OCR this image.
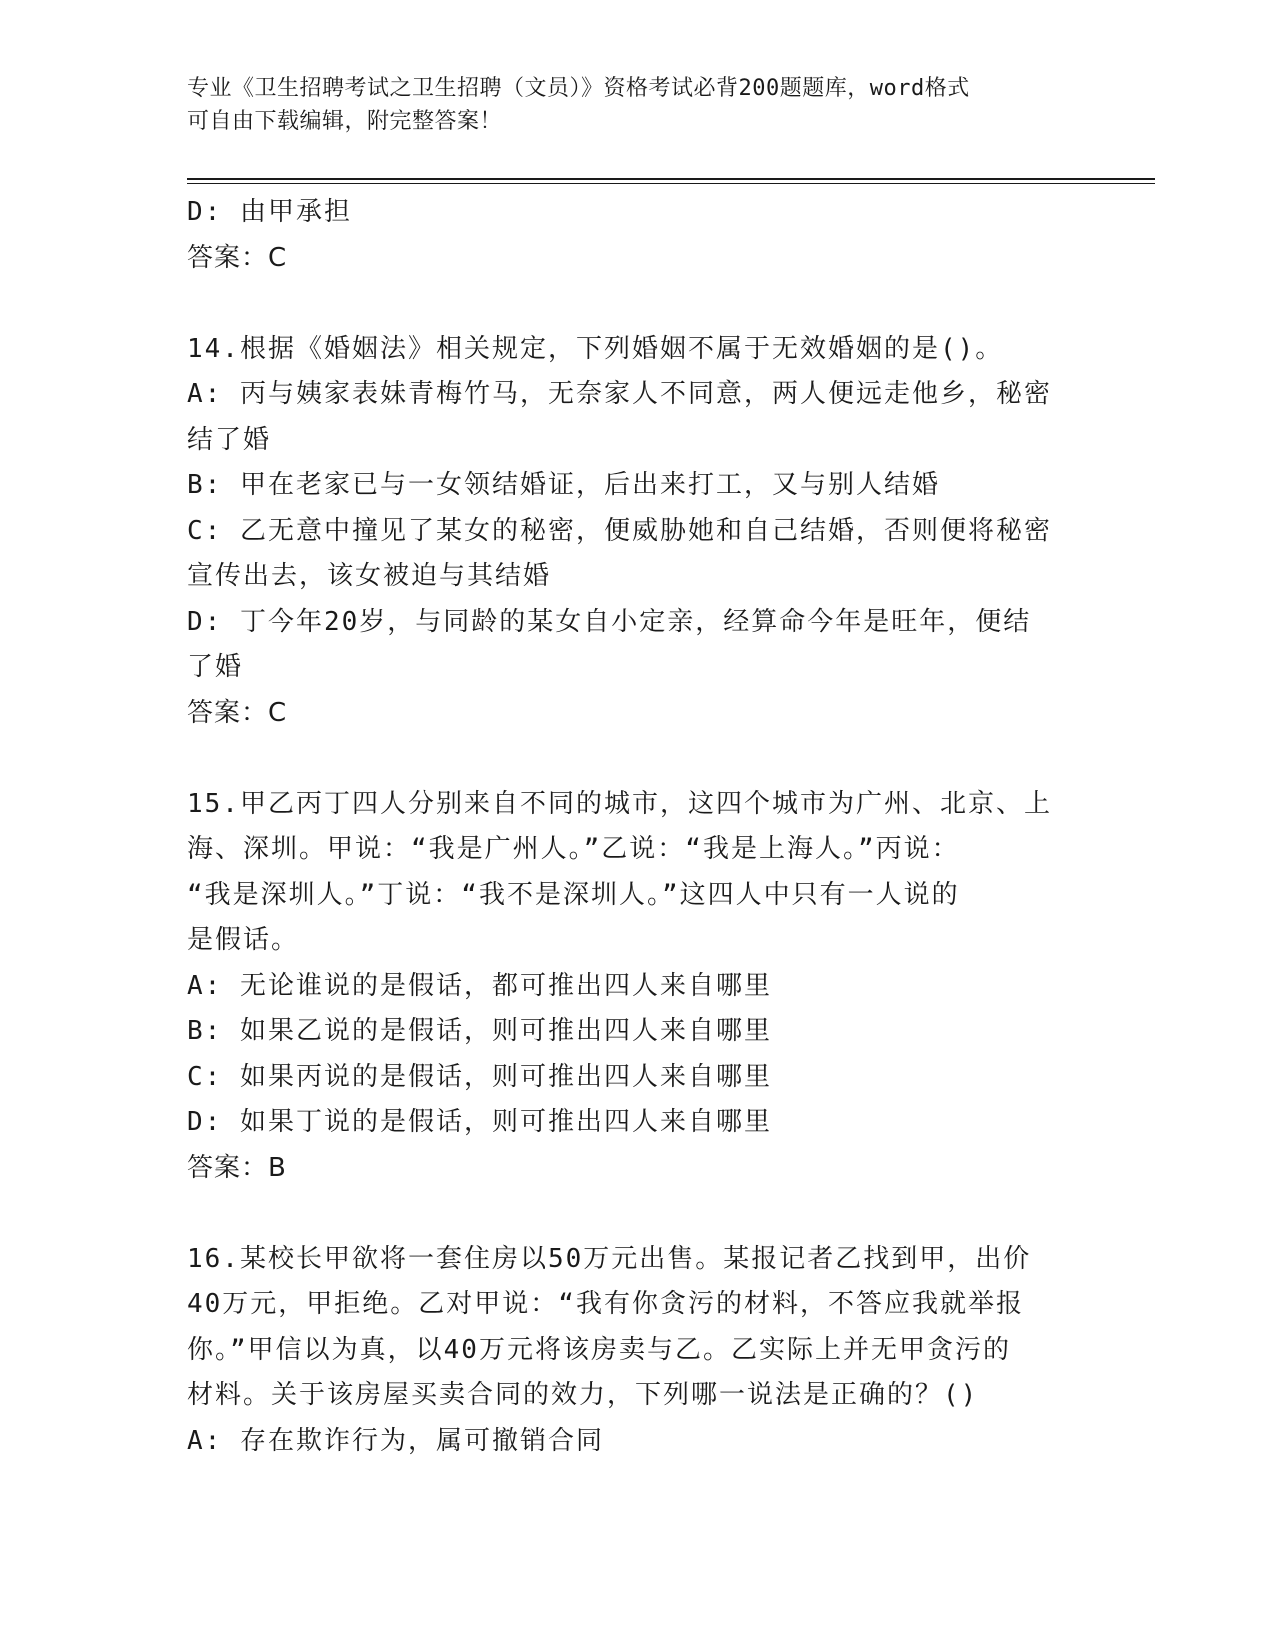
专业《卫生招聘考试之卫生招聘（文员）》资格考试必背200题题库，word格式
可自由下载编辑，附完整答案！
D: 由甲承担
答案：C
14.根据《婚姻法》相关规定，下列婚姻不属于无效婚姻的是()。
A: 丙与姨家表妹青梅竹马，无奈家人不同意，两人便远走他乡，秘密
结了婚
B: 甲在老家已与一女领结婚证，后出来打工，又与别人结婚
C: 乙无意中撞见了某女的秘密，便威胁她和自己结婚，否则便将秘密
宣传出去，该女被迫与其结婚
D: 丁今年20岁，与同龄的某女自小定亲，经算命今年是旺年，便结
了婚
答案：C
15.甲乙丙丁四人分别来自不同的城市，这四个城市为广州、北京、上
海、深圳。甲说：“我是广州人。”乙说：“我是上海人。”丙说：
“我是深圳人。”丁说：“我不是深圳人。”这四人中只有一人说的
是假话。
A: 无论谁说的是假话，都可推出四人来自哪里
B: 如果乙说的是假话，则可推出四人来自哪里
C: 如果丙说的是假话，则可推出四人来自哪里
D: 如果丁说的是假话，则可推出四人来自哪里
答案：B
16.某校长甲欲将一套住房以50万元出售。某报记者乙找到甲，出价
40万元，甲拒绝。乙对甲说：“我有你贪污的材料，不答应我就举报
你。”甲信以为真，以40万元将该房卖与乙。乙实际上并无甲贪污的
材料。关于该房屋买卖合同的效力，下列哪一说法是正确的？()
A: 存在欺诈行为，属可撤销合同
